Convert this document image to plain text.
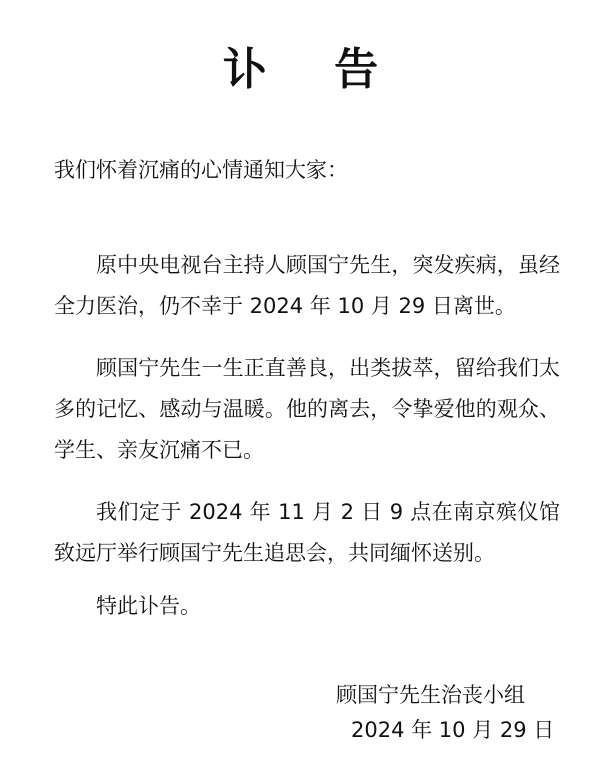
讣 告
我们怀着沉痛的心情通知大家：
原中央电视台主持人顾国宁先生，突发疾病，虽经全力医治，仍不幸于 2024 年 10 月 29 日离世。
顾国宁先生一生正直善良，出类拔萃，留给我们太多的记忆、感动与温暖。他的离去，令挚爱他的观众、学生、亲友沉痛不已。
我们定于 2024 年 11 月 2 日 9 点在南京殡仪馆致远厅举行顾国宁先生追思会，共同缅怀送别。
特此讣告。
顾国宁先生治丧小组
2024 年 10 月 29 日
